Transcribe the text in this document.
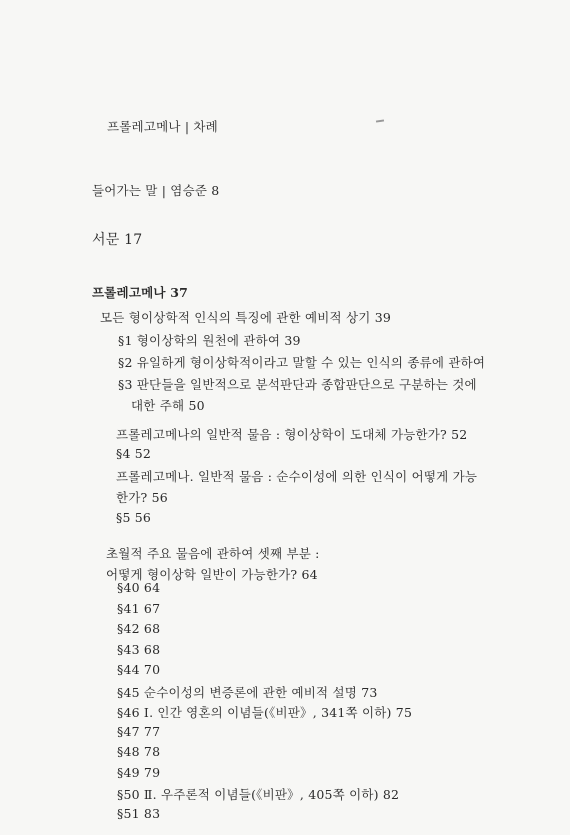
프롤레고메나 | 차례
들어가는 말 | 염승준 8
서문 17
프롤레고메나 37
모든 형이상학적 인식의 특징에 관한 예비적 상기 39
§1 형이상학의 원천에 관하여 39
§2 유일하게 형이상학적이라고 말할 수 있는 인식의 종류에 관하여
§3 판단들을 일반적으로 분석판단과 종합판단으로 구분하는 것에
대한 주해 50
프롤레고메나의 일반적 물음 : 형이상학이 도대체 가능한가? 52
§4 52
프롤레고메나. 일반적 물음 : 순수이성에 의한 인식이 어떻게 가능
한가? 56
§5 56
초월적 주요 물음에 관하여 셋째 부분 :
어떻게 형이상학 일반이 가능한가? 64
§40 64
§41 67
§42 68
§43 68
§44 70
§45 순수이성의 변증론에 관한 예비적 설명 73
§46 I. 인간 영혼의 이념들(《비판》, 341쪽 이하) 75
§47 77
§48 78
§49 79
§50 Ⅱ. 우주론적 이념들(《비판》, 405쪽 이하) 82
§51 83
